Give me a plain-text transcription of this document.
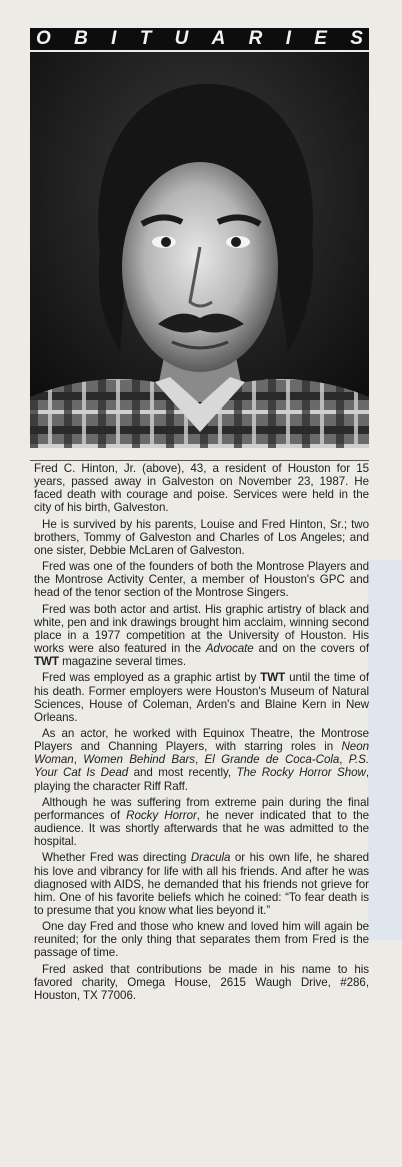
O B I T U A R I E S

Fred C. Hinton, Jr. (above), 43, a resident of Houston for 15 years, passed away in Galveston on November 23, 1987. He faced death with courage and poise. Services were held in the city of his birth, Galveston.

He is survived by his parents, Louise and Fred Hinton, Sr.; two brothers, Tommy of Galveston and Charles of Los Angeles; and one sister, Debbie McLaren of Galveston.

Fred was one of the founders of both the Montrose Players and the Montrose Activity Center, a member of Houston's GPC and head of the tenor section of the Montrose Singers.

Fred was both actor and artist. His graphic artistry of black and white, pen and ink drawings brought him acclaim, winning second place in a 1977 competition at the University of Houston. His works were also featured in the Advocate and on the covers of TWT magazine several times.

Fred was employed as a graphic artist by TWT until the time of his death. Former employers were Houston's Museum of Natural Sciences, House of Coleman, Arden's and Blaine Kern in New Orleans.

As an actor, he worked with Equinox Theatre, the Montrose Players and Channing Players, with starring roles in Neon Woman, Women Behind Bars, El Grande de Coca-Cola, P.S. Your Cat Is Dead and most recently, The Rocky Horror Show, playing the character Riff Raff.

Although he was suffering from extreme pain during the final performances of Rocky Horror, he never indicated that to the audience. It was shortly afterwards that he was admitted to the hospital.

Whether Fred was directing Dracula or his own life, he shared his love and vibrancy for life with all his friends. And after he was diagnosed with AIDS, he demanded that his friends not grieve for him. One of his favorite beliefs which he coined: “To fear death is to presume that you know what lies beyond it.”

One day Fred and those who knew and loved him will again be reunited; for the only thing that separates them from Fred is the passage of time.

Fred asked that contributions be made in his name to his favored charity, Omega House, 2615 Waugh Drive, #286, Houston, TX 77006.
